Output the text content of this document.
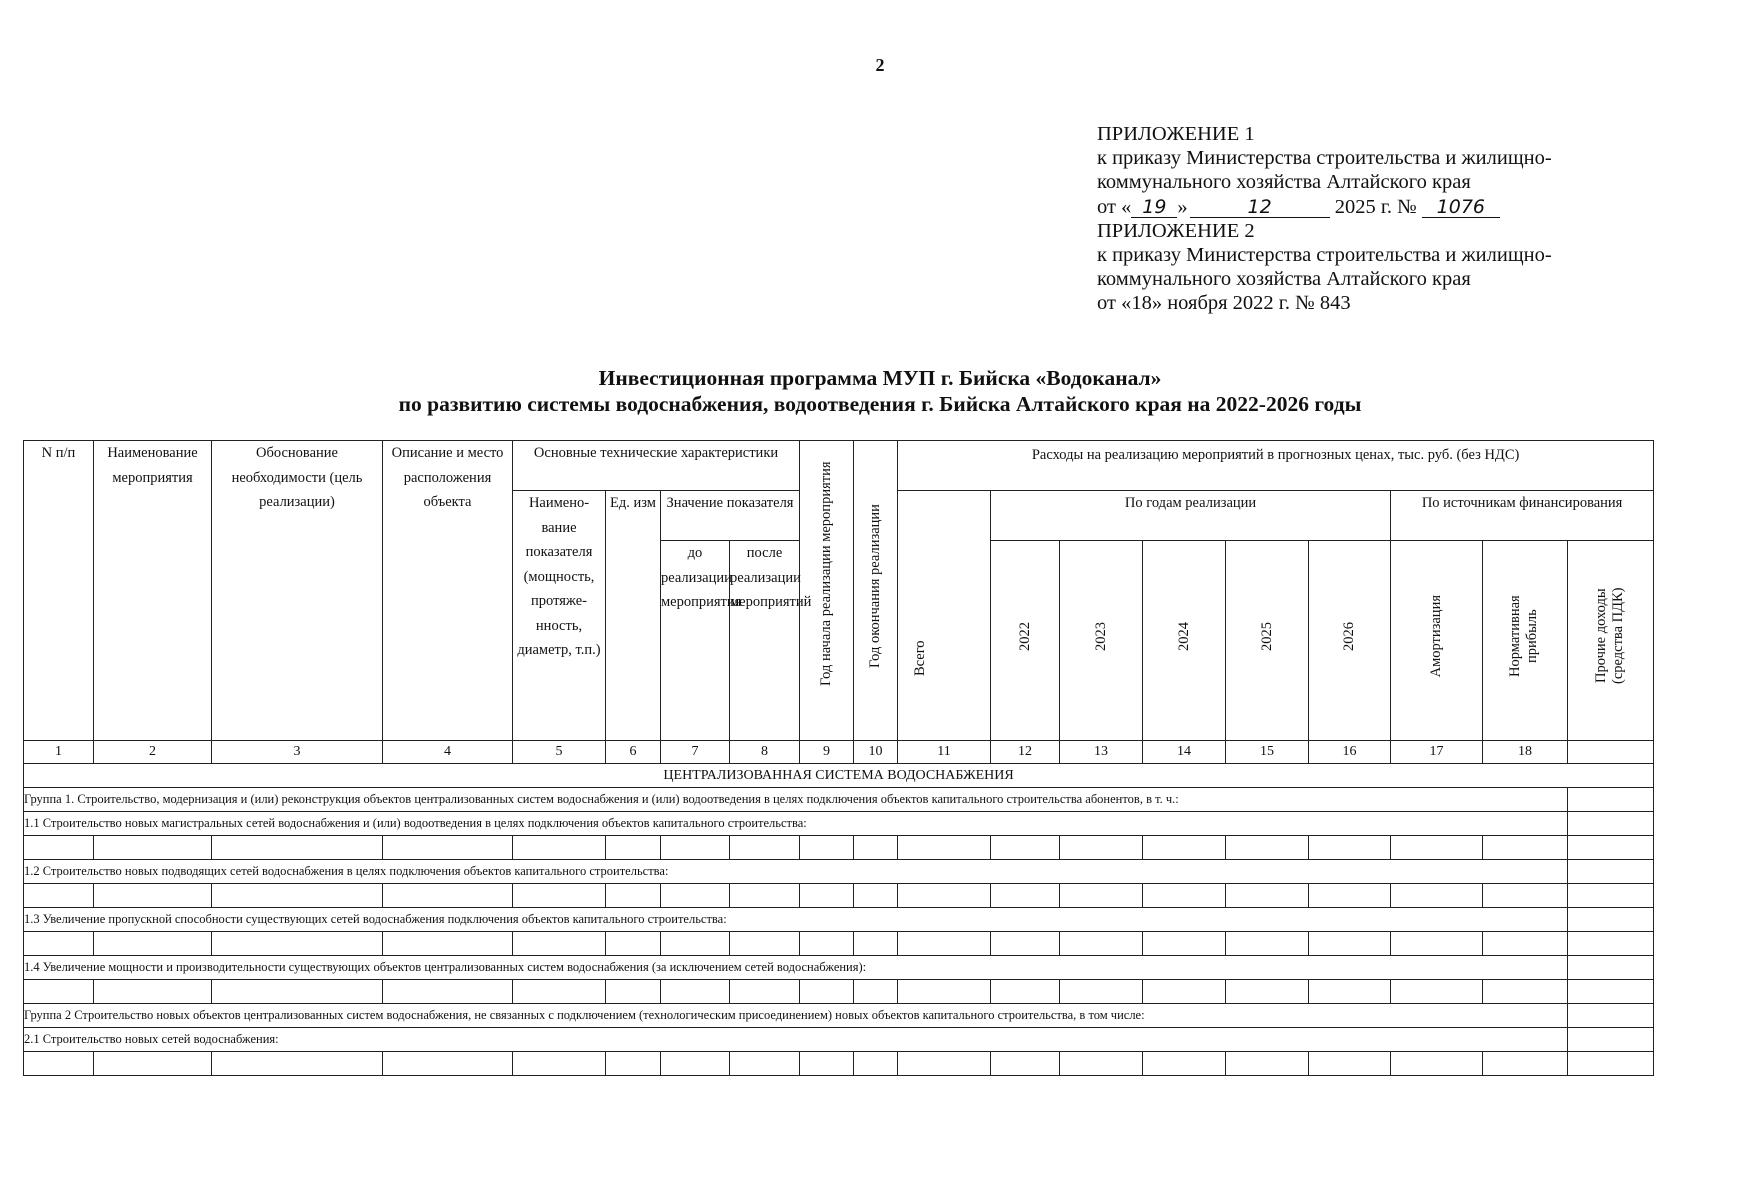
2
ПРИЛОЖЕНИЕ 1
к приказу Министерства строительства и жилищно-
коммунального хозяйства Алтайского края
от « 19 »	12	2025 г. № 1076
ПРИЛОЖЕНИЕ 2
к приказу Министерства строительства и жилищно-
коммунального хозяйства Алтайского края
от «18» ноября 2022 г. № 843
Инвестиционная программа МУП г. Бийска «Водоканал»
по развитию системы водоснабжения, водоотведения г. Бийска Алтайского края на 2022-2026 годы
N п/п	Наименование мероприятия	Обоснование необходимости (цель реализации)	Описание и место расположения объекта	Основные технические характеристики				Год начала реализации мероприятия	Год окончания реализации	Расходы на реализацию мероприятий в прогнозных ценах, тыс. руб. (без НДС)								
				Наимено-вание показателя (мощность, протяже-нность, диаметр, т.п.)	Ед. изм	Значение показателя				Всего	По годам реализации					По источникам финансирования		
						до реализации мероприятия	после реализации мероприятий				2022	2023	2024	2025	2026	Амортизация	Нормативная прибыль	Прочие доходы (средства ПДК)
1	2	3	4	5	6	7	8	9	10	11	12	13	14	15	16	17	18	
ЦЕНТРАЛИЗОВАННАЯ СИСТЕМА ВОДОСНАБЖЕНИЯ																		
Группа 1. Строительство, модернизация и (или) реконструкция объектов централизованных систем водоснабжения и (или) водоотведения в целях подключения объектов капитального строительства абонентов, в т. ч.:																		
1.1 Строительство новых магистральных сетей водоснабжения и (или) водоотведения в целях подключения объектов капитального строительства:																		

1.2 Строительство новых подводящих сетей водоснабжения в целях подключения объектов капитального строительства:																		

1.3 Увеличение пропускной способности существующих сетей водоснабжения подключения объектов капитального строительства:																		

1.4 Увеличение мощности и производительности существующих объектов централизованных систем водоснабжения (за исключением сетей водоснабжения):																		

Группа 2 Строительство новых объектов централизованных систем водоснабжения, не связанных с подключением (технологическим присоединением) новых объектов капитального строительства, в том числе:																		
2.1 Строительство новых сетей водоснабжения:																		
